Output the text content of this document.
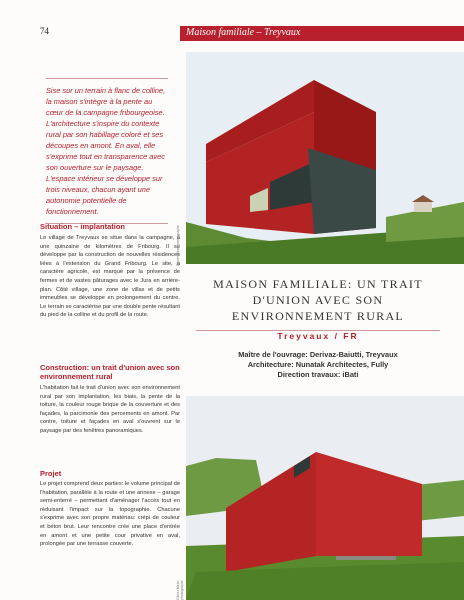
74	Maison familiale – Treyvaux
Sise sur un terrain à flanc de colline, la maison s'intègre à la pente au cœur de la campagne fribourgeoise. L'architecture s'inspire du contexte rural par son habillage coloré et ses découpes en amont. En aval, elle s'exprime tout en transparence avec son ouverture sur le paysage. L'espace intérieur se développe sur trois niveaux, chacun ayant une autonomie potentielle de fonctionnement.
Situation – implantation
Le village de Treyvaux se situe dans la campagne, à une quinzaine de kilomètres de Fribourg. Il se développe par la construction de nouvelles résidences liées à l'extension du Grand Fribourg. Le site, à caractère agricole, est marqué par la présence de fermes et de vastes pâturages avec le Jura en arrière-plan. Côté village, une zone de villas et de petits immeubles se développe en prolongement du centre. Le terrain se caractérise par une double pente résultant du pied de la colline et du profil de la route.
Construction: un trait d'union avec son environnement rural
L'habitation fait le trait d'union avec son environnement rural par son implantation, les biais, la pente de la toiture, la couleur rouge brique de la couverture et des façades, la parcimonie des percements en amont. Par contre, toiture et façades en aval s'ouvrent sur le paysage par des fenêtres panoramiques.
Projet
Le projet comprend deux parties: le volume principal de l'habitation, parallèle à la route et une annexe – garage semi-enterré – permettant d'aménager l'accès tout en réduisant l'impact sur la topographie. Chacune s'exprime avec son propre matériau: crépi de couleur et béton brut. Leur rencontre crée une place d'entrée en amont et une petite cour privative en aval, prolongée par une terrasse couverte.
Olivier Meier, photographe
MAISON FAMILIALE: UN TRAIT D'UNION AVEC SON ENVIRONNEMENT RURAL
Treyvaux / FR
Maître de l'ouvrage: Derivaz-Baiutti, Treyvaux
Architecture: Nunatak Architectes, Fully
Direction travaux: iBati
Olivier Meier, photographe
